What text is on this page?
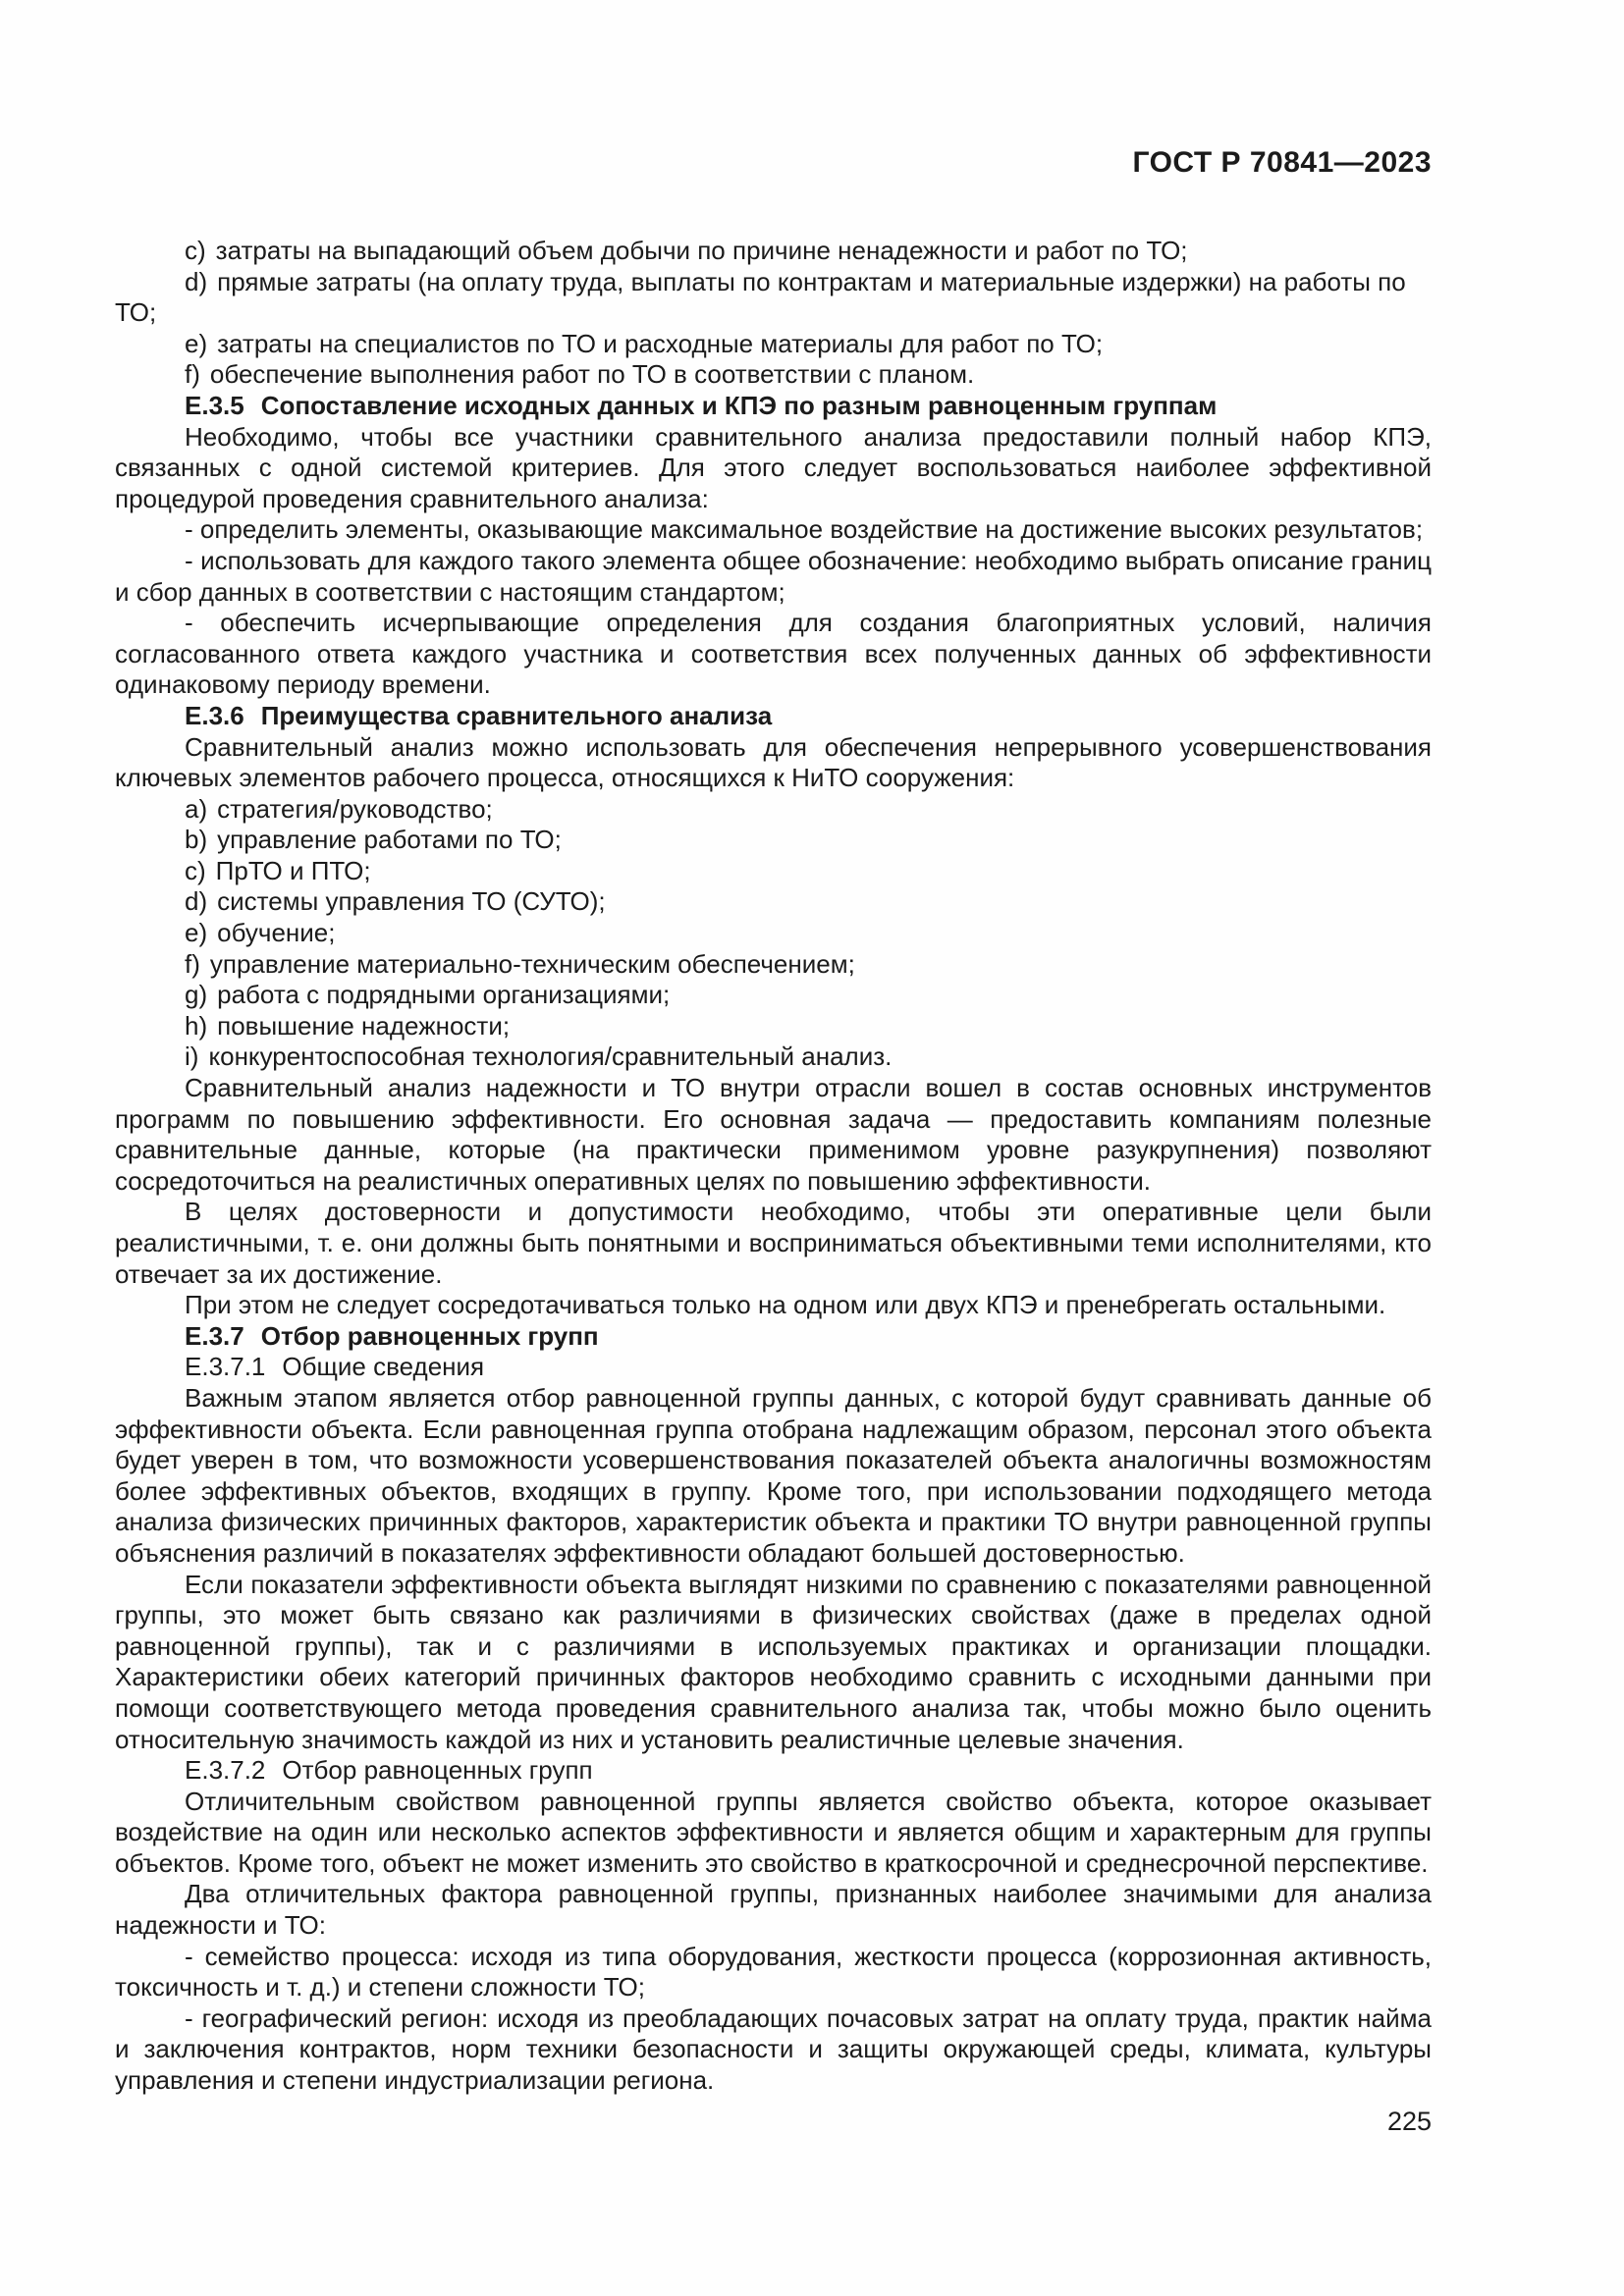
ГОСТ Р 70841—2023

c) затраты на выпадающий объем добычи по причине ненадежности и работ по ТО;

d) прямые затраты (на оплату труда, выплаты по контрактам и материальные издержки) на работы по ТО;

e) затраты на специалистов по ТО и расходные материалы для работ по ТО;

f) обеспечение выполнения работ по ТО в соответствии с планом.

Е.3.5 Сопоставление исходных данных и КПЭ по разным равноценным группам

Необходимо, чтобы все участники сравнительного анализа предоставили полный набор КПЭ, связанных с одной системой критериев. Для этого следует воспользоваться наиболее эффективной процедурой проведения сравнительного анализа:

- определить элементы, оказывающие максимальное воздействие на достижение высоких результатов;

- использовать для каждого такого элемента общее обозначение: необходимо выбрать описание границ и сбор данных в соответствии с настоящим стандартом;

- обеспечить исчерпывающие определения для создания благоприятных условий, наличия согласованного ответа каждого участника и соответствия всех полученных данных об эффективности одинаковому периоду времени.

Е.3.6 Преимущества сравнительного анализа

Сравнительный анализ можно использовать для обеспечения непрерывного усовершенствования ключевых элементов рабочего процесса, относящихся к НиТО сооружения:

a) стратегия/руководство;

b) управление работами по ТО;

c) ПрТО и ПТО;

d) системы управления ТО (СУТО);

e) обучение;

f) управление материально-техническим обеспечением;

g) работа с подрядными организациями;

h) повышение надежности;

i) конкурентоспособная технология/сравнительный анализ.

Сравнительный анализ надежности и ТО внутри отрасли вошел в состав основных инструментов программ по повышению эффективности. Его основная задача — предоставить компаниям полезные сравнительные данные, которые (на практически применимом уровне разукрупнения) позволяют сосредоточиться на реалистичных оперативных целях по повышению эффективности.

В целях достоверности и допустимости необходимо, чтобы эти оперативные цели были реалистичными, т. е. они должны быть понятными и восприниматься объективными теми исполнителями, кто отвечает за их достижение.

При этом не следует сосредотачиваться только на одном или двух КПЭ и пренебрегать остальными.

Е.3.7 Отбор равноценных групп

Е.3.7.1 Общие сведения

Важным этапом является отбор равноценной группы данных, с которой будут сравнивать данные об эффективности объекта. Если равноценная группа отобрана надлежащим образом, персонал этого объекта будет уверен в том, что возможности усовершенствования показателей объекта аналогичны возможностям более эффективных объектов, входящих в группу. Кроме того, при использовании подходящего метода анализа физических причинных факторов, характеристик объекта и практики ТО внутри равноценной группы объяснения различий в показателях эффективности обладают большей достоверностью.

Если показатели эффективности объекта выглядят низкими по сравнению с показателями равноценной группы, это может быть связано как различиями в физических свойствах (даже в пределах одной равноценной группы), так и с различиями в используемых практиках и организации площадки. Характеристики обеих категорий причинных факторов необходимо сравнить с исходными данными при помощи соответствующего метода проведения сравнительного анализа так, чтобы можно было оценить относительную значимость каждой из них и установить реалистичные целевые значения.

Е.3.7.2 Отбор равноценных групп

Отличительным свойством равноценной группы является свойство объекта, которое оказывает воздействие на один или несколько аспектов эффективности и является общим и характерным для группы объектов. Кроме того, объект не может изменить это свойство в краткосрочной и среднесрочной перспективе.

Два отличительных фактора равноценной группы, признанных наиболее значимыми для анализа надежности и ТО:

- семейство процесса: исходя из типа оборудования, жесткости процесса (коррозионная активность, токсичность и т. д.) и степени сложности ТО;

- географический регион: исходя из преобладающих почасовых затрат на оплату труда, практик найма и заключения контрактов, норм техники безопасности и защиты окружающей среды, климата, культуры управления и степени индустриализации региона.

225
